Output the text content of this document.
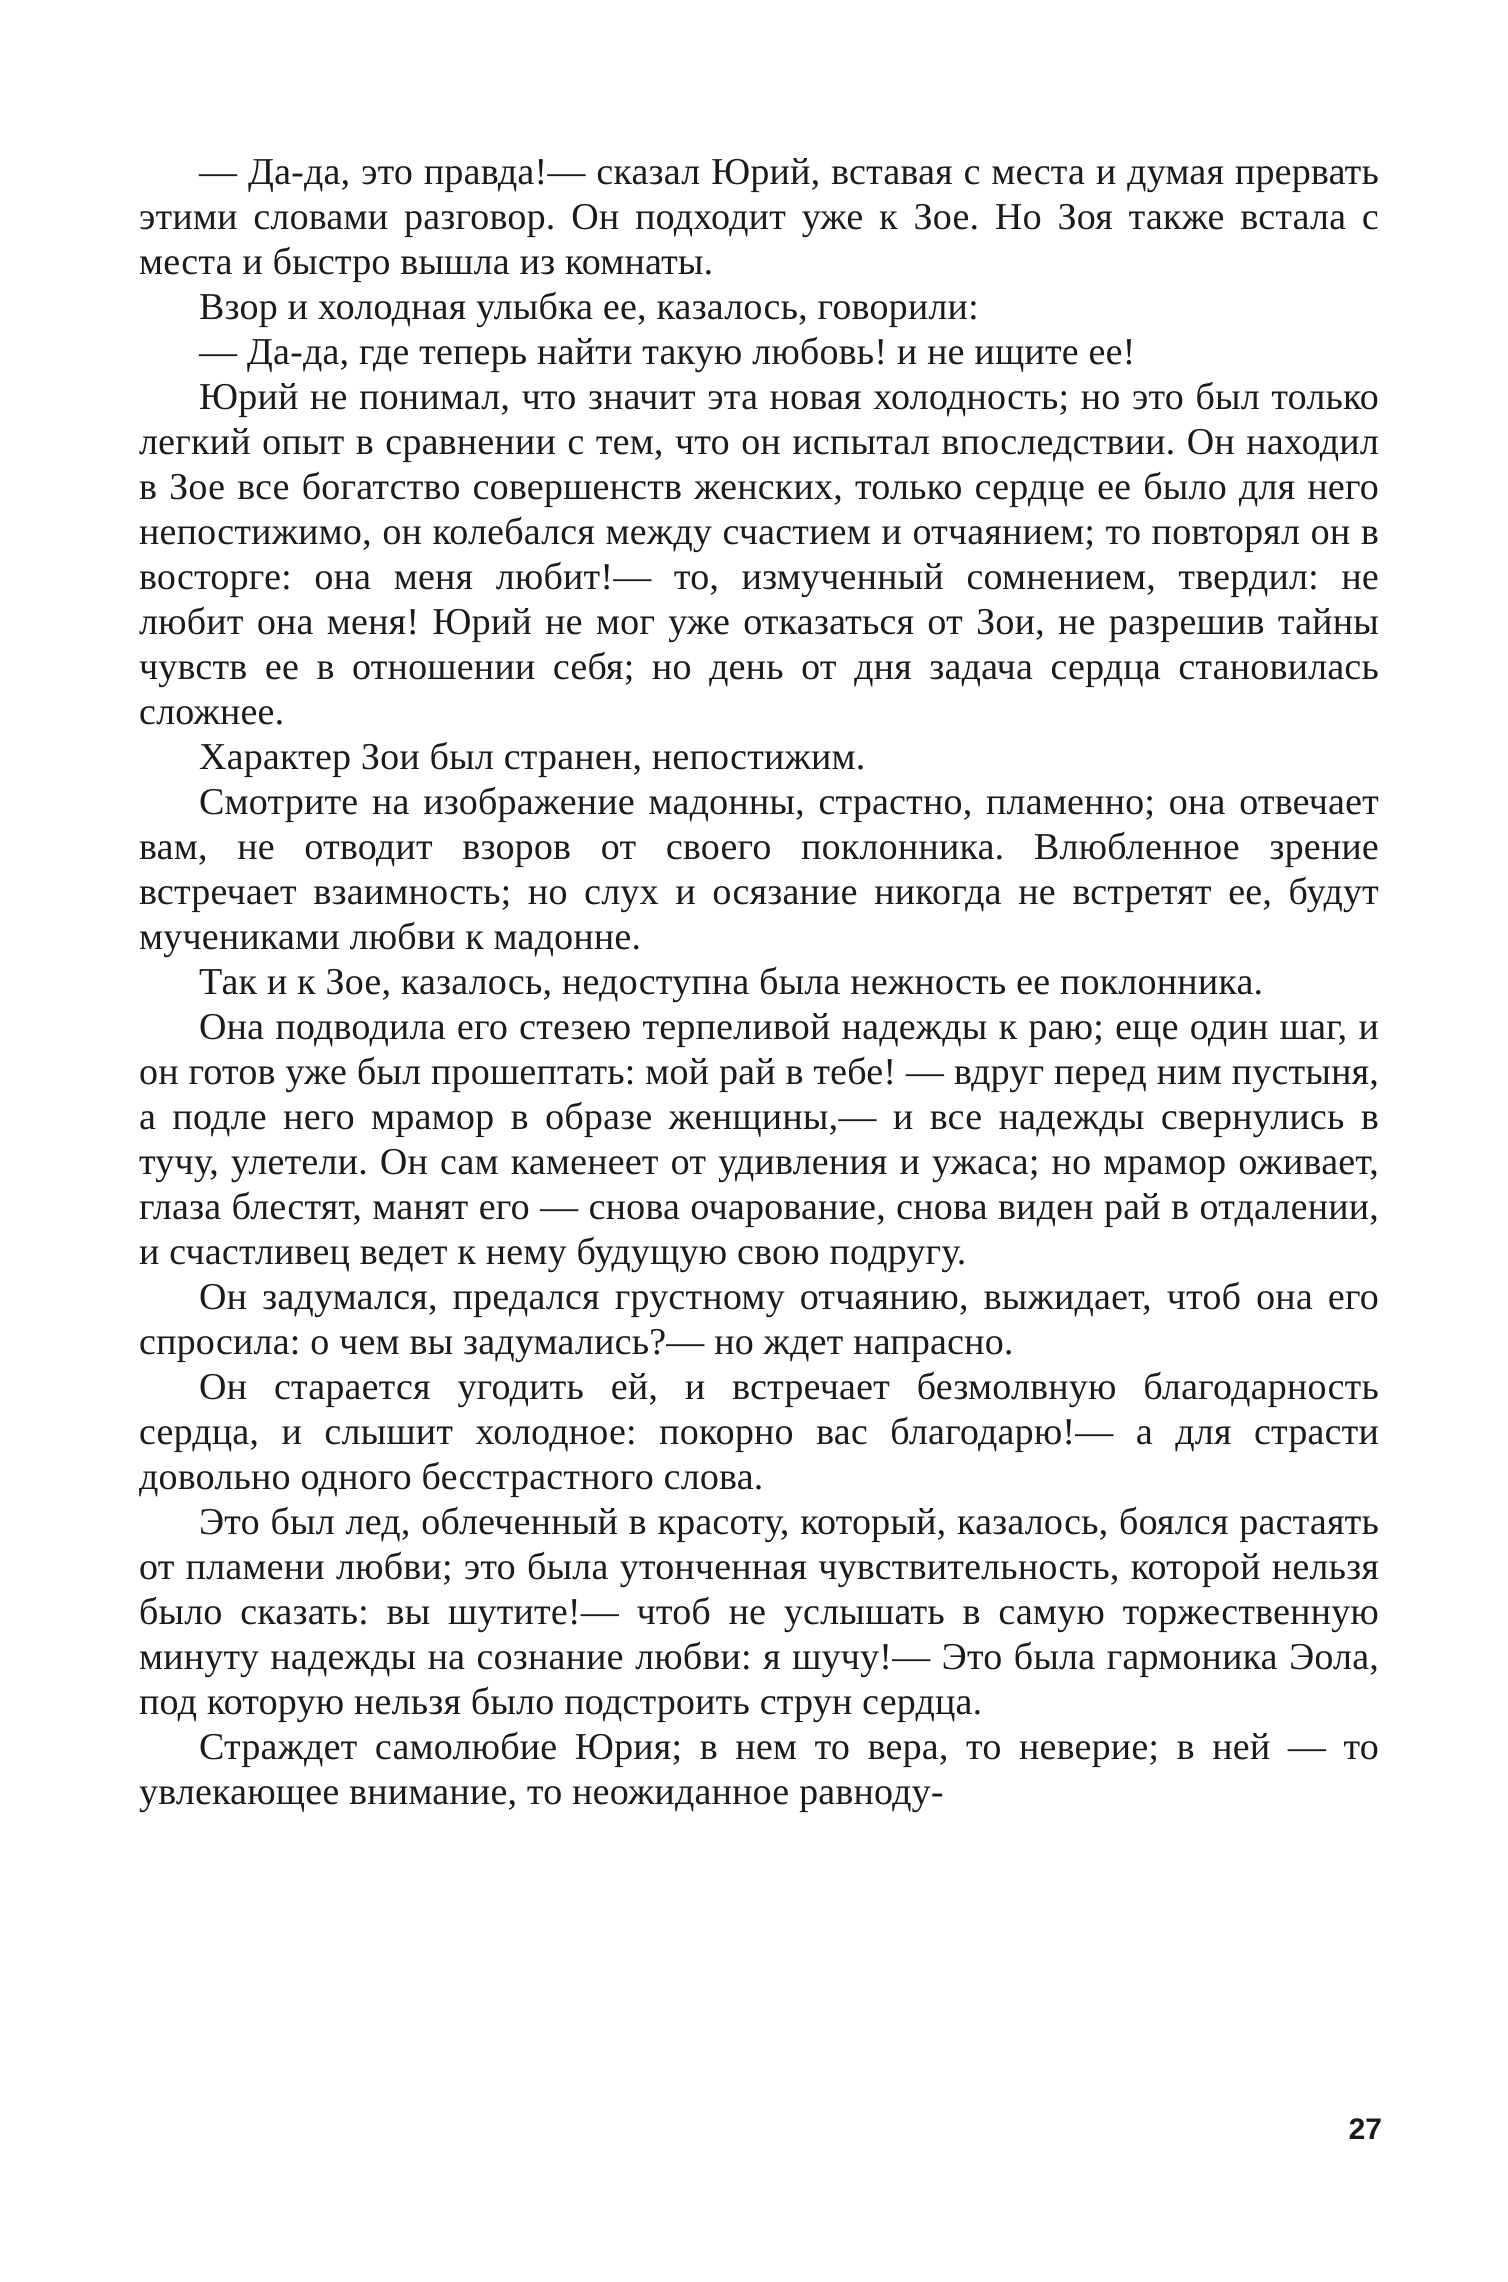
— Да-да, это правда!— сказал Юрий, вставая с места и думая прервать этими словами разговор. Он подходит уже к Зое. Но Зоя также встала с места и быстро вышла из комнаты.

Взор и холодная улыбка ее, казалось, говорили:

— Да-да, где теперь найти такую любовь! и не ищите ее!

Юрий не понимал, что значит эта новая холодность; но это был только легкий опыт в сравнении с тем, что он испытал впоследствии. Он находил в Зое все богатство совершенств женских, только сердце ее было для него непостижимо, он колебался между счастием и отчаянием; то повторял он в восторге: она меня любит!— то, измученный сомнением, твердил: не любит она меня! Юрий не мог уже отказаться от Зои, не разрешив тайны чувств ее в отношении себя; но день от дня задача сердца становилась сложнее.

Характер Зои был странен, непостижим.

Смотрите на изображение мадонны, страстно, пламенно; она отвечает вам, не отводит взоров от своего поклонника. Влюбленное зрение встречает взаимность; но слух и осязание никогда не встретят ее, будут мучениками любви к мадонне.

Так и к Зое, казалось, недоступна была нежность ее поклонника.

Она подводила его стезею терпеливой надежды к раю; еще один шаг, и он готов уже был прошептать: мой рай в тебе! — вдруг перед ним пустыня, а подле него мрамор в образе женщины,— и все надежды свернулись в тучу, улетели. Он сам каменеет от удивления и ужаса; но мрамор оживает, глаза блестят, манят его — снова очарование, снова виден рай в отдалении, и счастливец ведет к нему будущую свою подругу.

Он задумался, предался грустному отчаянию, выжидает, чтоб она его спросила: о чем вы задумались?— но ждет напрасно.

Он старается угодить ей, и встречает безмолвную благодарность сердца, и слышит холодное: покорно вас благодарю!— а для страсти довольно одного бесстрастного слова.

Это был лед, облеченный в красоту, который, казалось, боялся растаять от пламени любви; это была утонченная чувствительность, которой нельзя было сказать: вы шутите!— чтоб не услышать в самую торжественную минуту надежды на сознание любви: я шучу!— Это была гармоника Эола, под которую нельзя было подстроить струн сердца.

Страждет самолюбие Юрия; в нем то вера, то неверие; в ней — то увлекающее внимание, то неожиданное равноду-

27
